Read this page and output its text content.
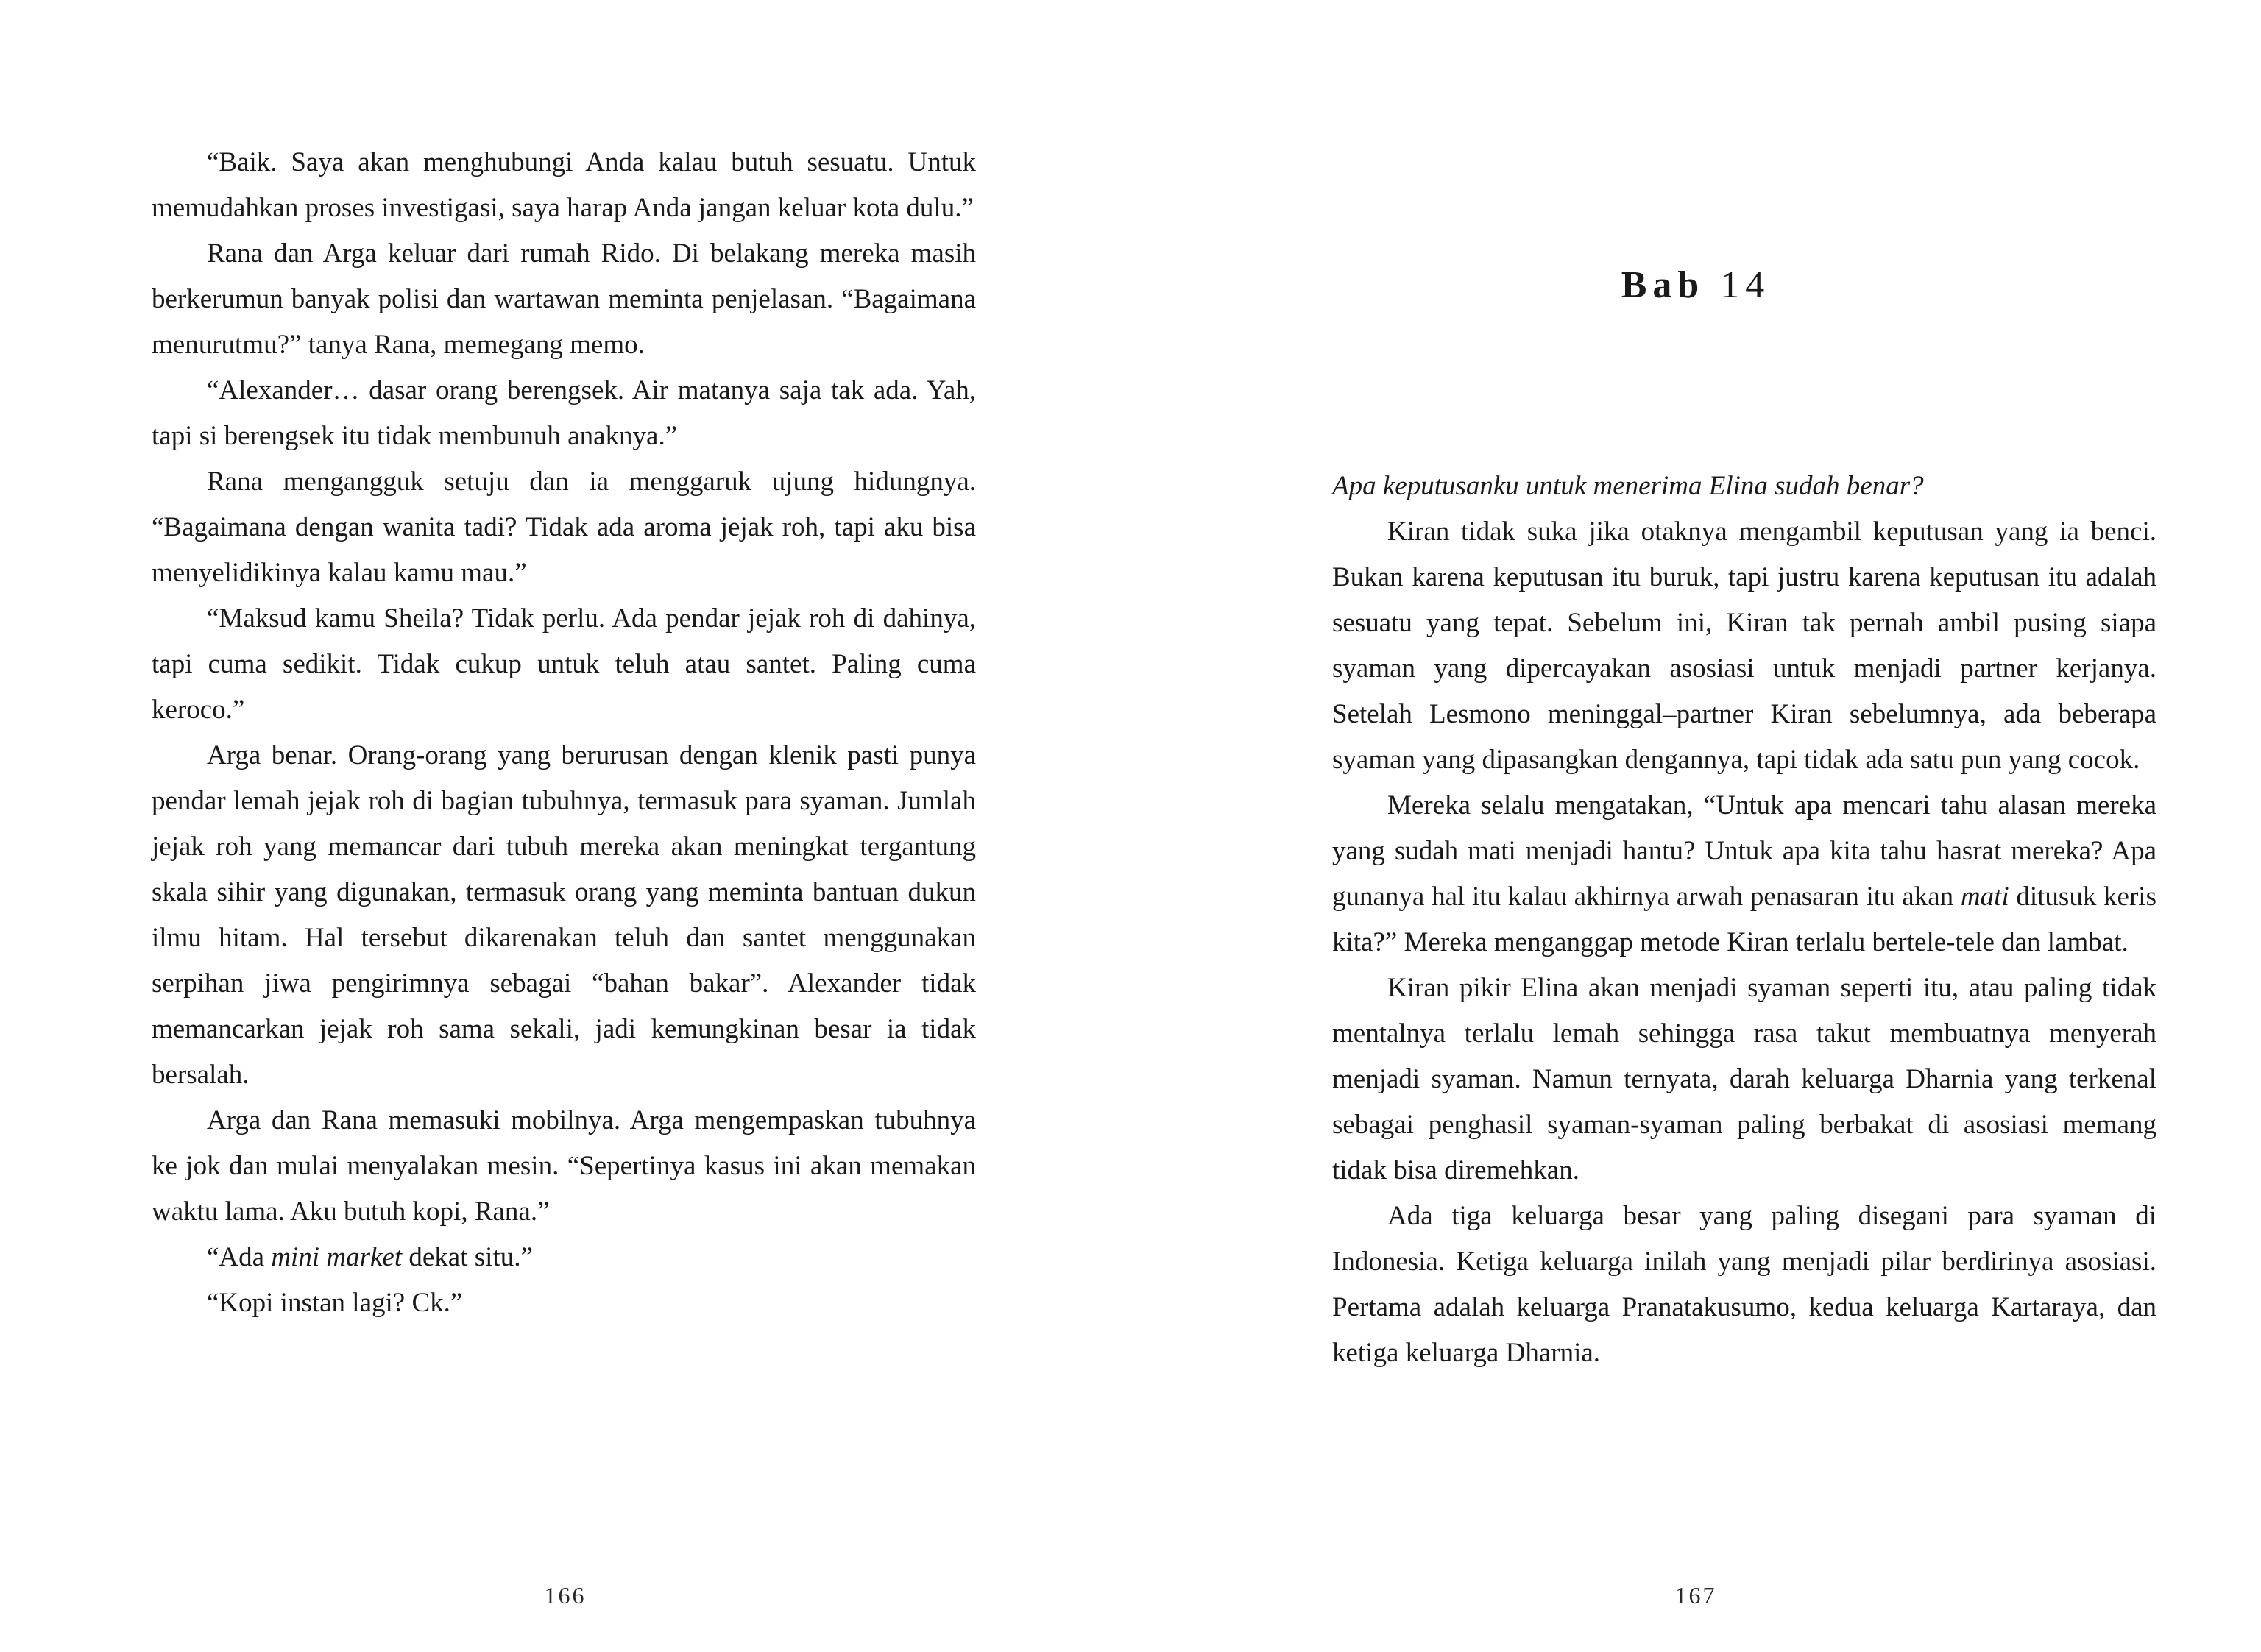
“Baik. Saya akan menghubungi Anda kalau butuh sesuatu. Untuk memudahkan proses investigasi, saya harap Anda jangan keluar kota dulu.”

Rana dan Arga keluar dari rumah Rido. Di belakang mereka masih berkerumun banyak polisi dan wartawan meminta penjelasan. “Bagaimana menurutmu?” tanya Rana, memegang memo.

“Alexander… dasar orang berengsek. Air matanya saja tak ada. Yah, tapi si berengsek itu tidak membunuh anaknya.”

Rana mengangguk setuju dan ia menggaruk ujung hidungnya. “Bagaimana dengan wanita tadi? Tidak ada aroma jejak roh, tapi aku bisa menyelidikinya kalau kamu mau.”

“Maksud kamu Sheila? Tidak perlu. Ada pendar jejak roh di dahinya, tapi cuma sedikit. Tidak cukup untuk teluh atau santet. Paling cuma keroco.”

Arga benar. Orang-orang yang berurusan dengan klenik pasti punya pendar lemah jejak roh di bagian tubuhnya, termasuk para syaman. Jumlah jejak roh yang memancar dari tubuh mereka akan meningkat tergantung skala sihir yang digunakan, termasuk orang yang meminta bantuan dukun ilmu hitam. Hal tersebut dikarenakan teluh dan santet menggunakan serpihan jiwa pengirimnya sebagai “bahan bakar”. Alexander tidak memancarkan jejak roh sama sekali, jadi kemungkinan besar ia tidak bersalah.

Arga dan Rana memasuki mobilnya. Arga mengempaskan tubuhnya ke jok dan mulai menyalakan mesin. “Sepertinya kasus ini akan memakan waktu lama. Aku butuh kopi, Rana.”

“Ada mini market dekat situ.”

“Kopi instan lagi? Ck.”

166
Bab 14

Apa keputusanku untuk menerima Elina sudah benar?

Kiran tidak suka jika otaknya mengambil keputusan yang ia benci. Bukan karena keputusan itu buruk, tapi justru karena keputusan itu adalah sesuatu yang tepat. Sebelum ini, Kiran tak pernah ambil pusing siapa syaman yang dipercayakan asosiasi untuk menjadi partner kerjanya. Setelah Lesmono meninggal–partner Kiran sebelumnya, ada beberapa syaman yang dipasangkan dengannya, tapi tidak ada satu pun yang cocok.

Mereka selalu mengatakan, “Untuk apa mencari tahu alasan mereka yang sudah mati menjadi hantu? Untuk apa kita tahu hasrat mereka? Apa gunanya hal itu kalau akhirnya arwah penasaran itu akan mati ditusuk keris kita?” Mereka menganggap metode Kiran terlalu bertele-tele dan lambat.

Kiran pikir Elina akan menjadi syaman seperti itu, atau paling tidak mentalnya terlalu lemah sehingga rasa takut membuatnya menyerah menjadi syaman. Namun ternyata, darah keluarga Dharnia yang terkenal sebagai penghasil syaman-syaman paling berbakat di asosiasi memang tidak bisa diremehkan.

Ada tiga keluarga besar yang paling disegani para syaman di Indonesia. Ketiga keluarga inilah yang menjadi pilar berdirinya asosiasi. Pertama adalah keluarga Pranatakusumo, kedua keluarga Kartaraya, dan ketiga keluarga Dharnia.

167
